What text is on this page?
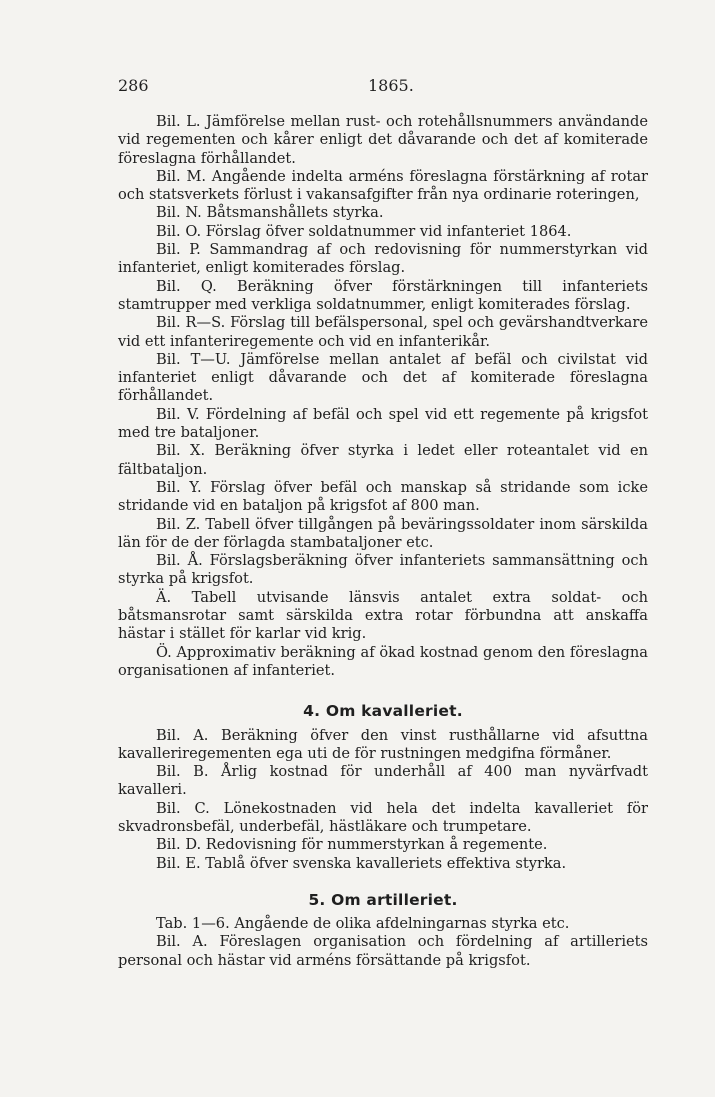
286	1865.

Bil. L. Jämförelse mellan rust- och rotehållsnummers användande vid regementen och kårer enligt det dåvarande och det af komiterade föreslagna förhållandet.

Bil. M. Angående indelta arméns föreslagna förstärkning af rotar och statsverkets förlust i vakansafgifter från nya ordinarie roteringen,

Bil. N. Båtsmanshållets styrka.

Bil. O. Förslag öfver soldatnummer vid infanteriet 1864.

Bil. P. Sammandrag af och redovisning för nummerstyrkan vid infanteriet, enligt komiterades förslag.

Bil. Q. Beräkning öfver förstärkningen till infanteriets stamtrupper med verkliga soldatnummer, enligt komiterades förslag.

Bil. R—S. Förslag till befälspersonal, spel och gevärshandtverkare vid ett infanteriregemente och vid en infanterikår.

Bil. T—U. Jämförelse mellan antalet af befäl och civilstat vid infanteriet enligt dåvarande och det af komiterade föreslagna förhållandet.

Bil. V. Fördelning af befäl och spel vid ett regemente på krigsfot med tre bataljoner.

Bil. X. Beräkning öfver styrka i ledet eller roteantalet vid en fältbataljon.

Bil. Y. Förslag öfver befäl och manskap så stridande som icke stridande vid en bataljon på krigsfot af 800 man.

Bil. Z. Tabell öfver tillgången på beväringssoldater inom särskilda län för de der förlagda stambataljoner etc.

Bil. Å. Förslagsberäkning öfver infanteriets sammansättning och styrka på krigsfot.

Ä. Tabell utvisande länsvis antalet extra soldat- och båtsmansrotar samt särskilda extra rotar förbundna att anskaffa hästar i stället för karlar vid krig.

Ö. Approximativ beräkning af ökad kostnad genom den föreslagna organisationen af infanteriet.

4. Om kavalleriet.

Bil. A. Beräkning öfver den vinst rusthållarne vid afsuttna kavalleriregementen ega uti de för rustningen medgifna förmåner.

Bil. B. Årlig kostnad för underhåll af 400 man nyvärfvadt kavalleri.

Bil. C. Lönekostnaden vid hela det indelta kavalleriet för skvadronsbefäl, underbefäl, hästläkare och trumpetare.

Bil. D. Redovisning för nummerstyrkan å regemente.

Bil. E. Tablå öfver svenska kavalleriets effektiva styrka.

5. Om artilleriet.

Tab. 1—6. Angående de olika afdelningarnas styrka etc.

Bil. A. Föreslagen organisation och fördelning af artilleriets personal och hästar vid arméns försättande på krigsfot.
